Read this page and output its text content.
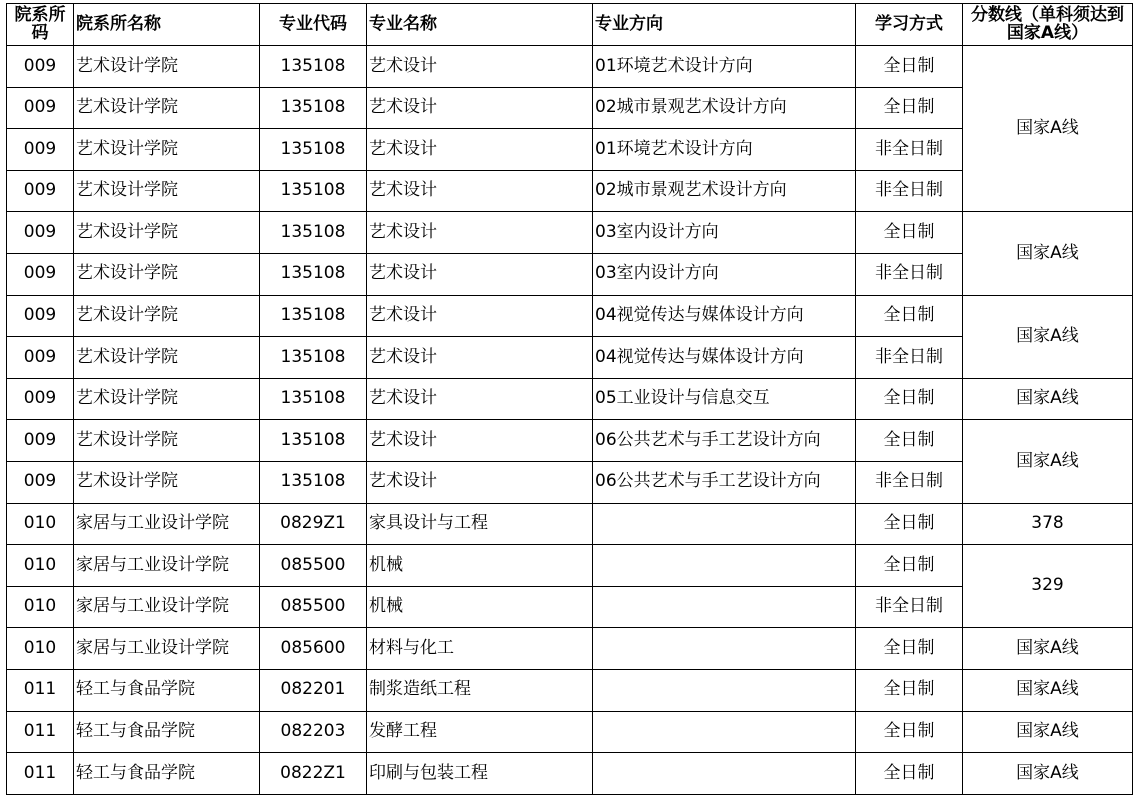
院系所码	院系所名称	专业代码	专业名称	专业方向	学习方式	分数线（单科须达到国家A线）
009	艺术设计学院	135108	艺术设计	01环境艺术设计方向	全日制	国家A线
009	艺术设计学院	135108	艺术设计	02城市景观艺术设计方向	全日制	
009	艺术设计学院	135108	艺术设计	01环境艺术设计方向	非全日制	
009	艺术设计学院	135108	艺术设计	02城市景观艺术设计方向	非全日制	
009	艺术设计学院	135108	艺术设计	03室内设计方向	全日制	国家A线
009	艺术设计学院	135108	艺术设计	03室内设计方向	非全日制	
009	艺术设计学院	135108	艺术设计	04视觉传达与媒体设计方向	全日制	国家A线
009	艺术设计学院	135108	艺术设计	04视觉传达与媒体设计方向	非全日制	
009	艺术设计学院	135108	艺术设计	05工业设计与信息交互	全日制	国家A线
009	艺术设计学院	135108	艺术设计	06公共艺术与手工艺设计方向	全日制	国家A线
009	艺术设计学院	135108	艺术设计	06公共艺术与手工艺设计方向	非全日制	
010	家居与工业设计学院	0829Z1	家具设计与工程		全日制	378
010	家居与工业设计学院	085500	机械		全日制	329
010	家居与工业设计学院	085500	机械		非全日制	
010	家居与工业设计学院	085600	材料与化工		全日制	国家A线
011	轻工与食品学院	082201	制浆造纸工程		全日制	国家A线
011	轻工与食品学院	082203	发酵工程		全日制	国家A线
011	轻工与食品学院	0822Z1	印刷与包装工程		全日制	国家A线
